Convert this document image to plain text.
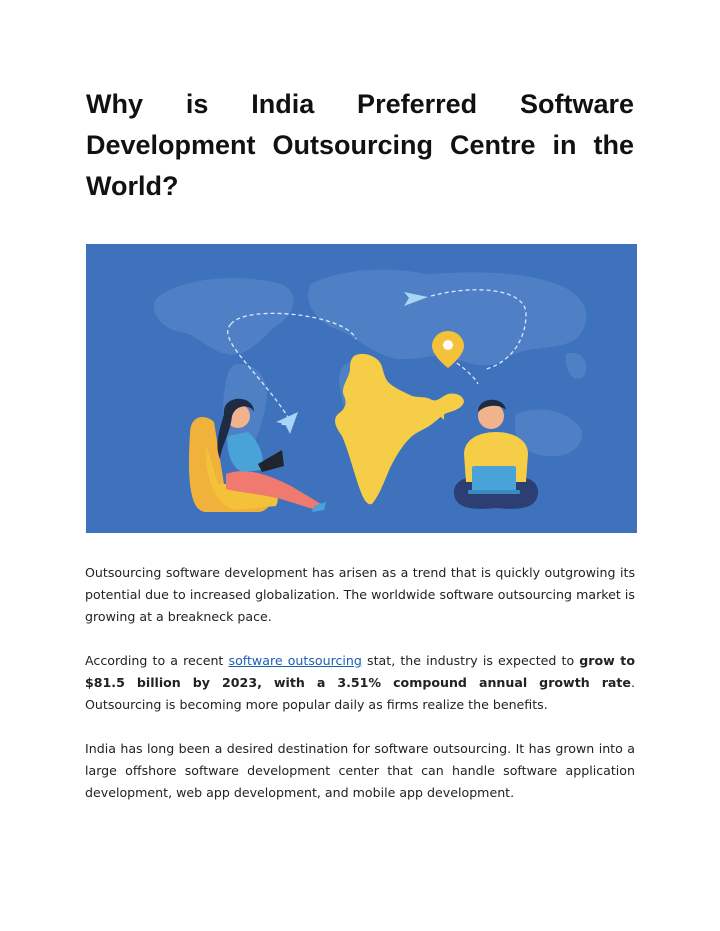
Why is India Preferred Software Development Outsourcing Centre in the World?

Outsourcing software development has arisen as a trend that is quickly outgrowing its potential due to increased globalization. The worldwide software outsourcing market is growing at a breakneck pace.

According to a recent software outsourcing stat, the industry is expected to grow to $81.5 billion by 2023, with a 3.51% compound annual growth rate. Outsourcing is becoming more popular daily as firms realize the benefits.

India has long been a desired destination for software outsourcing. It has grown into a large offshore software development center that can handle software application development, web app development, and mobile app development.
